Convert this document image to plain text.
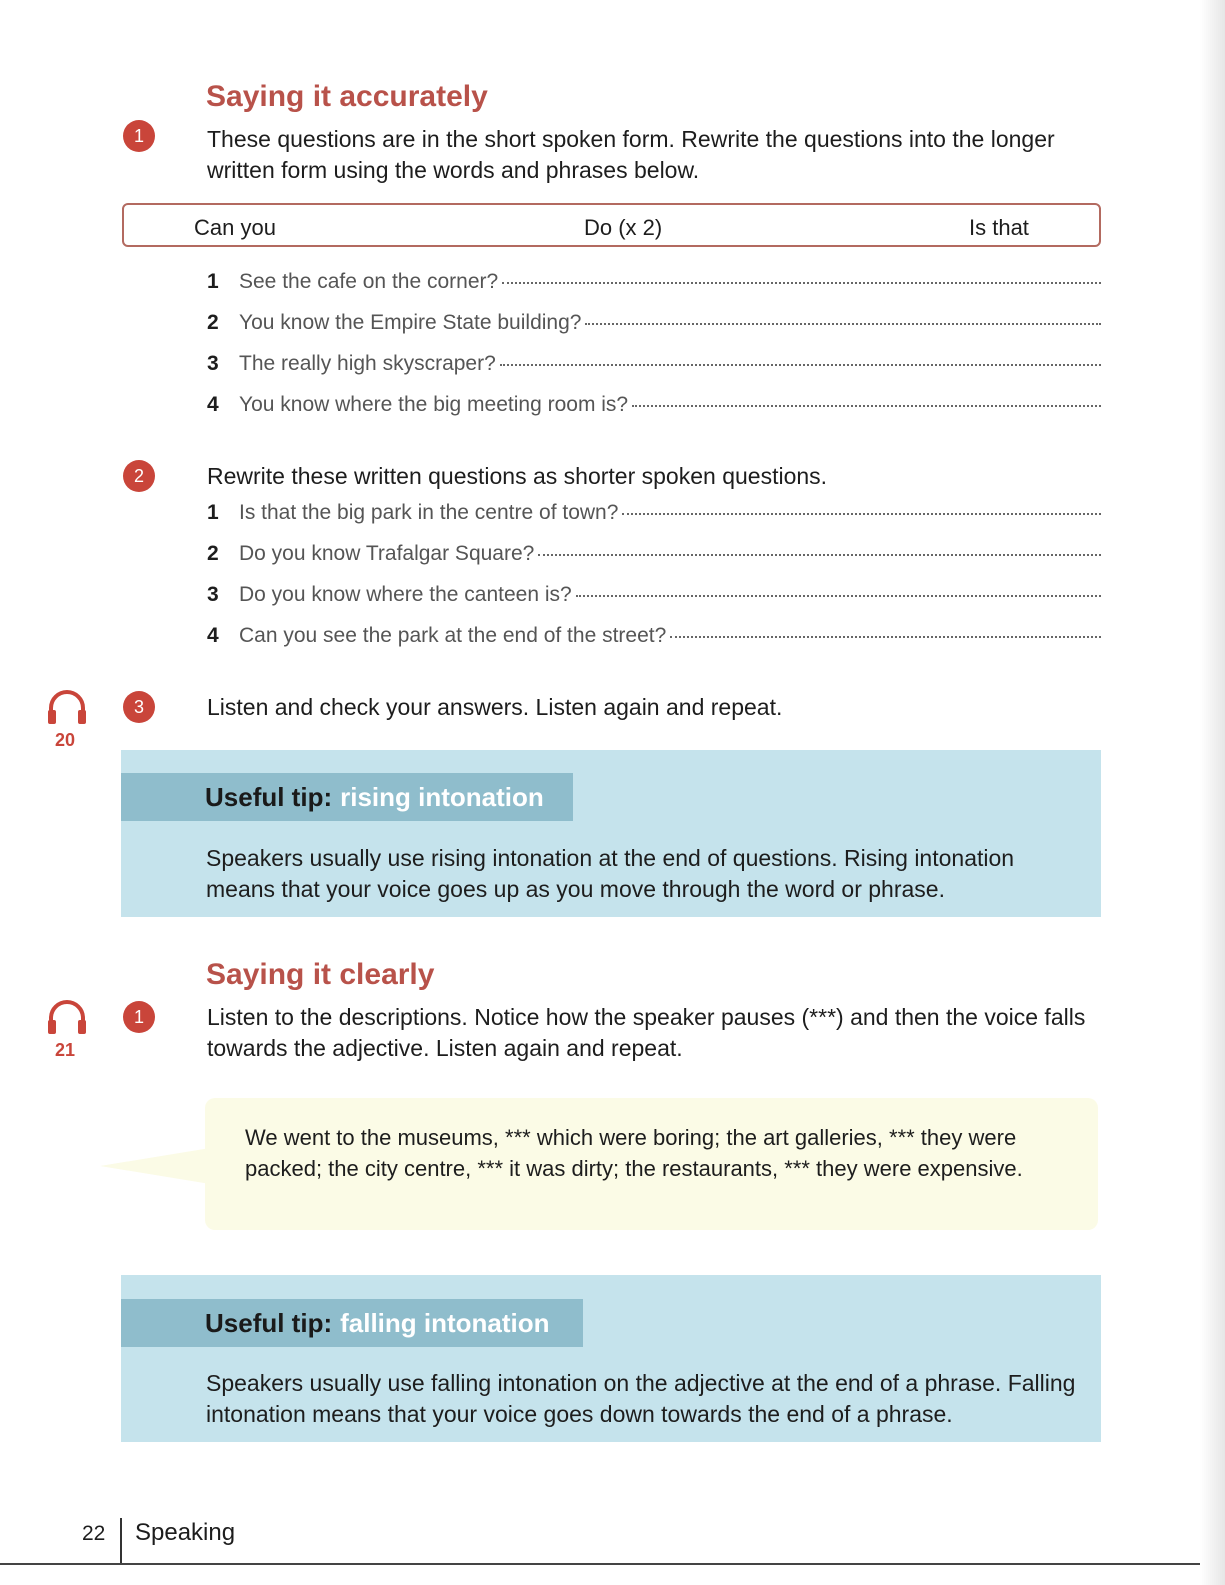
Saying it accurately
1	These questions are in the short spoken form. Rewrite the questions into the longer written form using the words and phrases below.
Can you	Do (x 2)	Is that
1 See the cafe on the corner?
2 You know the Empire State building?
3 The really high skyscraper?
4 You know where the big meeting room is?
2	Rewrite these written questions as shorter spoken questions.
1 Is that the big park in the centre of town?
2 Do you know Trafalgar Square?
3 Do you know where the canteen is?
4 Can you see the park at the end of the street?
20
3	Listen and check your answers. Listen again and repeat.
Useful tip: rising intonation
Speakers usually use rising intonation at the end of questions. Rising intonation means that your voice goes up as you move through the word or phrase.
Saying it clearly
21
1	Listen to the descriptions. Notice how the speaker pauses (***) and then the voice falls towards the adjective. Listen again and repeat.
We went to the museums, *** which were boring; the art galleries, *** they were packed; the city centre, *** it was dirty; the restaurants, *** they were expensive.
Useful tip: falling intonation
Speakers usually use falling intonation on the adjective at the end of a phrase. Falling intonation means that your voice goes down towards the end of a phrase.
22 Speaking
